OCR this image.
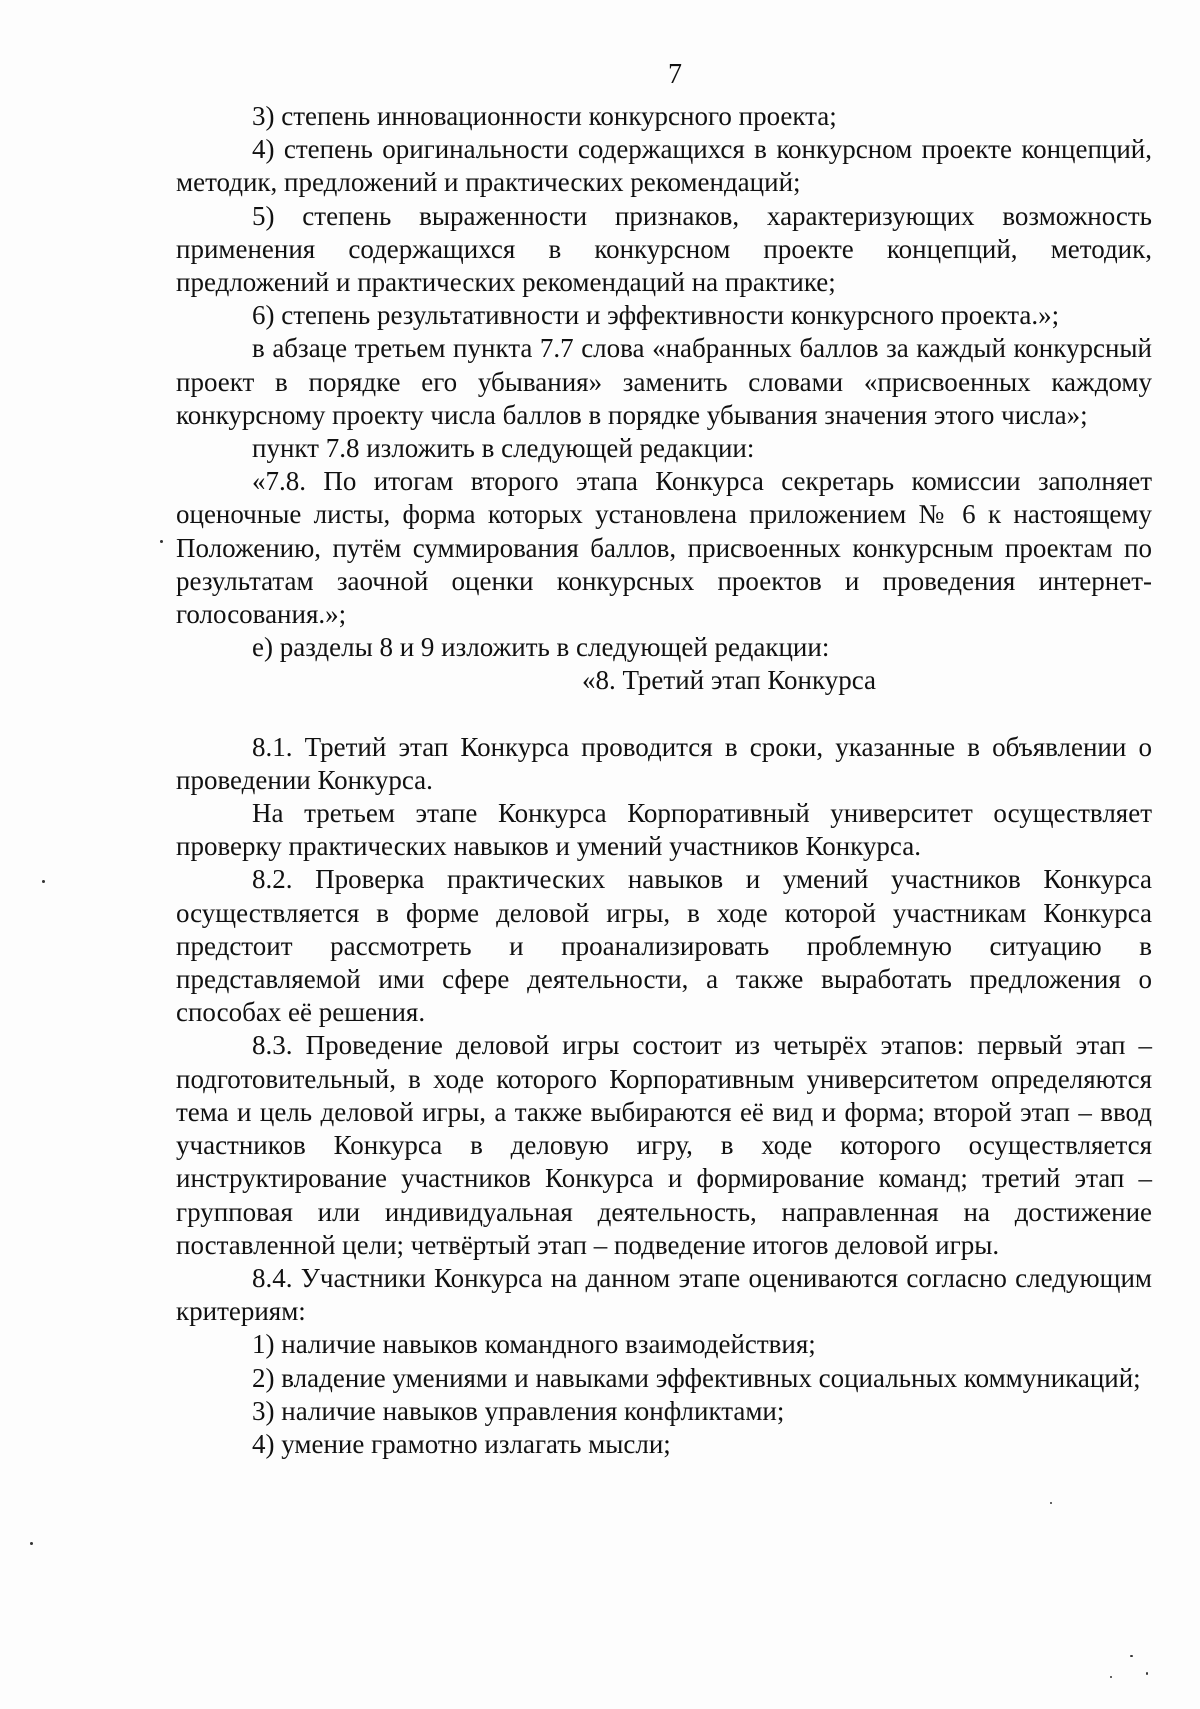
7

3) степень инновационности конкурсного проекта;

4) степень оригинальности содержащихся в конкурсном проекте концепций, методик, предложений и практических рекомендаций;

5) степень выраженности признаков, характеризующих возможность применения содержащихся в конкурсном проекте концепций, методик, предложений и практических рекомендаций на практике;

6) степень результативности и эффективности конкурсного проекта.»;

в абзаце третьем пункта 7.7 слова «набранных баллов за каждый конкурсный проект в порядке его убывания» заменить словами «присвоенных каждому конкурсному проекту числа баллов в порядке убывания значения этого числа»;

пункт 7.8 изложить в следующей редакции:

«7.8. По итогам второго этапа Конкурса секретарь комиссии заполняет оценочные листы, форма которых установлена приложением № 6 к настоящему Положению, путём суммирования баллов, присвоенных конкурсным проектам по результатам заочной оценки конкурсных проектов и проведения интернет-голосования.»;

е) разделы 8 и 9 изложить в следующей редакции:

«8. Третий этап Конкурса

8.1. Третий этап Конкурса проводится в сроки, указанные в объявлении о проведении Конкурса.

На третьем этапе Конкурса Корпоративный университет осуществляет проверку практических навыков и умений участников Конкурса.

8.2. Проверка практических навыков и умений участников Конкурса осуществляется в форме деловой игры, в ходе которой участникам Конкурса предстоит рассмотреть и проанализировать проблемную ситуацию в представляемой ими сфере деятельности, а также выработать предложения о способах её решения.

8.3. Проведение деловой игры состоит из четырёх этапов: первый этап – подготовительный, в ходе которого Корпоративным университетом определяются тема и цель деловой игры, а также выбираются её вид и форма; второй этап – ввод участников Конкурса в деловую игру, в ходе которого осуществляется инструктирование участников Конкурса и формирование команд; третий этап – групповая или индивидуальная деятельность, направленная на достижение поставленной цели; четвёртый этап – подведение итогов деловой игры.

8.4. Участники Конкурса на данном этапе оцениваются согласно следующим критериям:

1) наличие навыков командного взаимодействия;

2) владение умениями и навыками эффективных социальных коммуникаций;

3) наличие навыков управления конфликтами;

4) умение грамотно излагать мысли;
